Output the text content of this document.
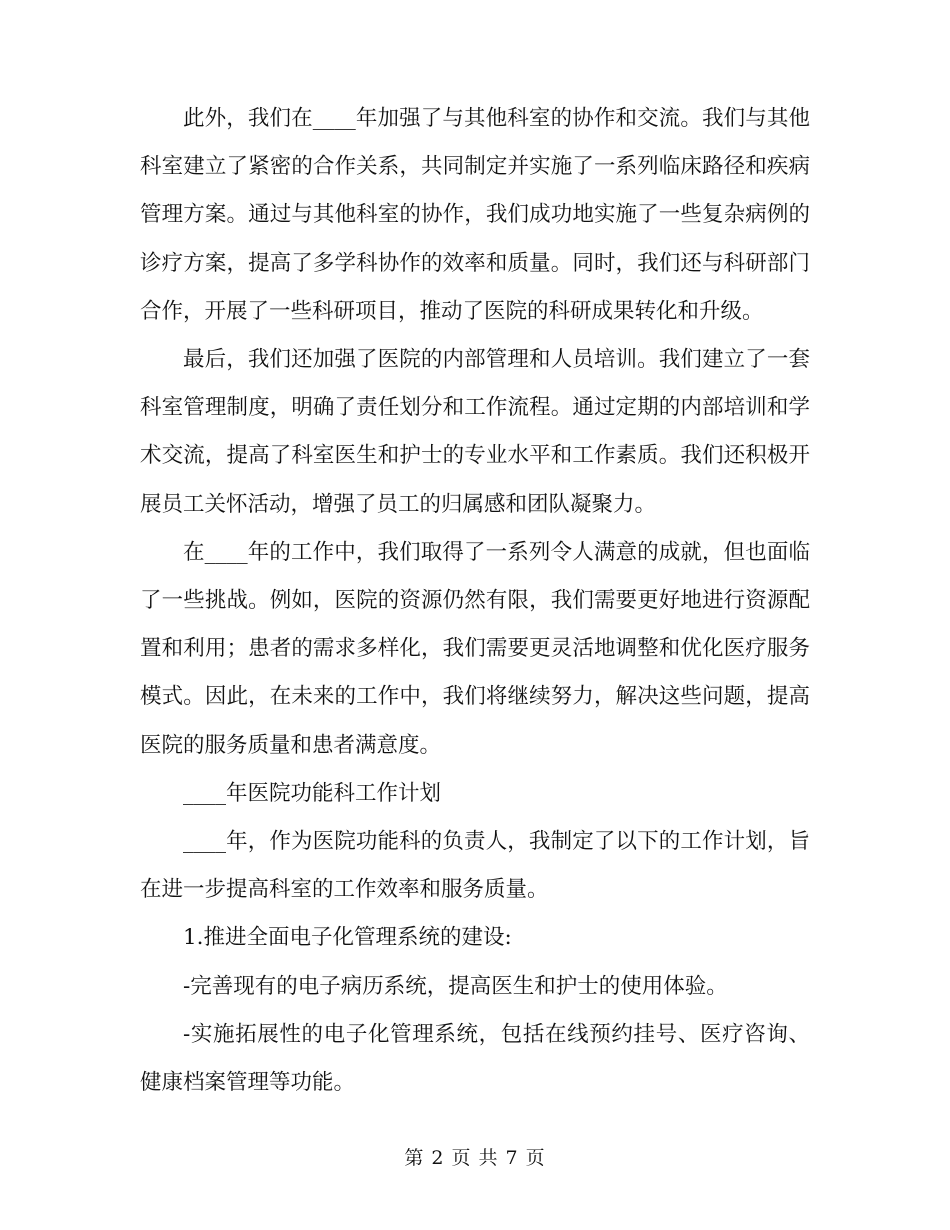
此外，我们在____年加强了与其他科室的协作和交流。我们与其他科室建立了紧密的合作关系，共同制定并实施了一系列临床路径和疾病管理方案。通过与其他科室的协作，我们成功地实施了一些复杂病例的诊疗方案，提高了多学科协作的效率和质量。同时，我们还与科研部门合作，开展了一些科研项目，推动了医院的科研成果转化和升级。

最后，我们还加强了医院的内部管理和人员培训。我们建立了一套科室管理制度，明确了责任划分和工作流程。通过定期的内部培训和学术交流，提高了科室医生和护士的专业水平和工作素质。我们还积极开展员工关怀活动，增强了员工的归属感和团队凝聚力。

在____年的工作中，我们取得了一系列令人满意的成就，但也面临了一些挑战。例如，医院的资源仍然有限，我们需要更好地进行资源配置和利用；患者的需求多样化，我们需要更灵活地调整和优化医疗服务模式。因此，在未来的工作中，我们将继续努力，解决这些问题，提高医院的服务质量和患者满意度。

____年医院功能科工作计划

____年，作为医院功能科的负责人，我制定了以下的工作计划，旨在进一步提高科室的工作效率和服务质量。

1.推进全面电子化管理系统的建设:

-完善现有的电子病历系统，提高医生和护士的使用体验。

-实施拓展性的电子化管理系统，包括在线预约挂号、医疗咨询、健康档案管理等功能。

第 2 页 共 7 页
